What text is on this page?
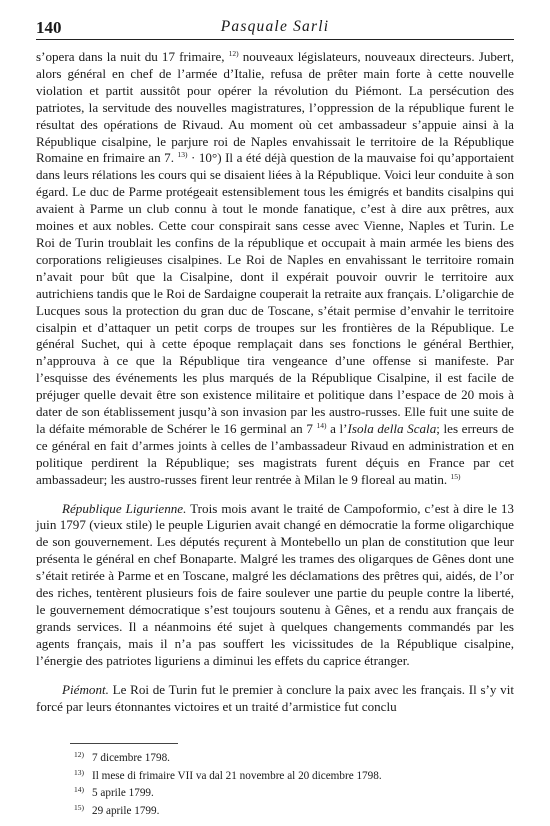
140	Pasquale Sarli

s’opera dans la nuit du 17 frimaire, $^{12)}$ nouveaux législateurs, nouveaux directeurs. Jubert, alors général en chef de l’armée d’Italie, refusa de prêter main forte à cette nouvelle violation et partit aussitôt pour opérer la révolution du Piémont. La persécution des patriotes, la servitude des nouvelles magistratures, l’oppression de la république furent le résultat des opérations de Rivaud. Au moment où cet ambassadeur s’appuie ainsi à la République cisalpine, le parjure roi de Naples envahissait le territoire de la République Romaine en frimaire an 7. $^{13)}$ · 10°) Il a été déjà question de la mauvaise foi qu’apportaient dans leurs rélations les cours qui se disaient liées à la République. Voici leur conduite à son égard. Le duc de Parme protégeait estensiblement tous les émigrés et bandits cisalpins qui avaient à Parme un club connu à tout le monde fanatique, c’est à dire aux prêtres, aux moines et aux nobles. Cette cour conspirait sans cesse avec Vienne, Naples et Turin. Le Roi de Turin troublait les confins de la république et occupait à main armée les biens des corporations religieuses cisalpines. Le Roi de Naples en envahissant le territoire romain n’avait pour bût que la Cisalpine, dont il expérait pouvoir ouvrir le territoire aux autrichiens tandis que le Roi de Sardaigne couperait la retraite aux français. L’oligarchie de Lucques sous la protection du gran duc de Toscane, s’était permise d’envahir le territoire cisalpin et d’attaquer un petit corps de troupes sur les frontières de la République. Le général Suchet, qui à cette époque remplaçait dans ses fonctions le général Berthier, n’approuva à ce que la République tira vengeance d’une offense si manifeste. Par l’esquisse des événements les plus marqués de la République Cisalpine, il est facile de préjuger quelle devait être son existence militaire et politique dans l’espace de 20 mois à dater de son établissement jusqu’à son invasion par les austro-russes. Elle fuit une suite de la défaite mémorable de Schérer le 16 germinal an 7 $^{14)}$ a l’Isola della Scala; les erreurs de ce général en fait d’armes joints à celles de l’ambassadeur Rivaud en administration et en politique perdirent la République; ses magistrats furent déçuis en France par cet ambassadeur; les austro-russes firent leur rentrée à Milan le 9 floreal au matin. $^{15)}$

République Ligurienne. Trois mois avant le traité de Campoformio, c’est à dire le 13 juin 1797 (vieux stile) le peuple Ligurien avait changé en démocratie la forme oligarchique de son gouvernement. Les députés reçurent à Montebello un plan de constitution que leur présenta le général en chef Bonaparte. Malgré les trames des oligarques de Gênes dont une s’était retirée à Parme et en Toscane, malgré les déclamations des prêtres qui, aidés, de l’or des riches, tentèrent plusieurs fois de faire soulever une partie du peuple contre la liberté, le gouvernement démocratique s’est toujours soutenu à Gênes, et a rendu aux français de grands services. Il a néanmoins été sujet à quelques changements commandés par les agents français, mais il n’a pas souffert les vicissitudes de la République cisalpine, l’énergie des patriotes liguriens a diminui les effets du caprice étranger.

Piémont. Le Roi de Turin fut le premier à conclure la paix avec les français. Il s’y vit forcé par leurs étonnantes victoires et un traité d’armistice fut conclu

12) 7 dicembre 1798.
13) Il mese di frimaire VII va dal 21 novembre al 20 dicembre 1798.
14) 5 aprile 1799.
15) 29 aprile 1799.
